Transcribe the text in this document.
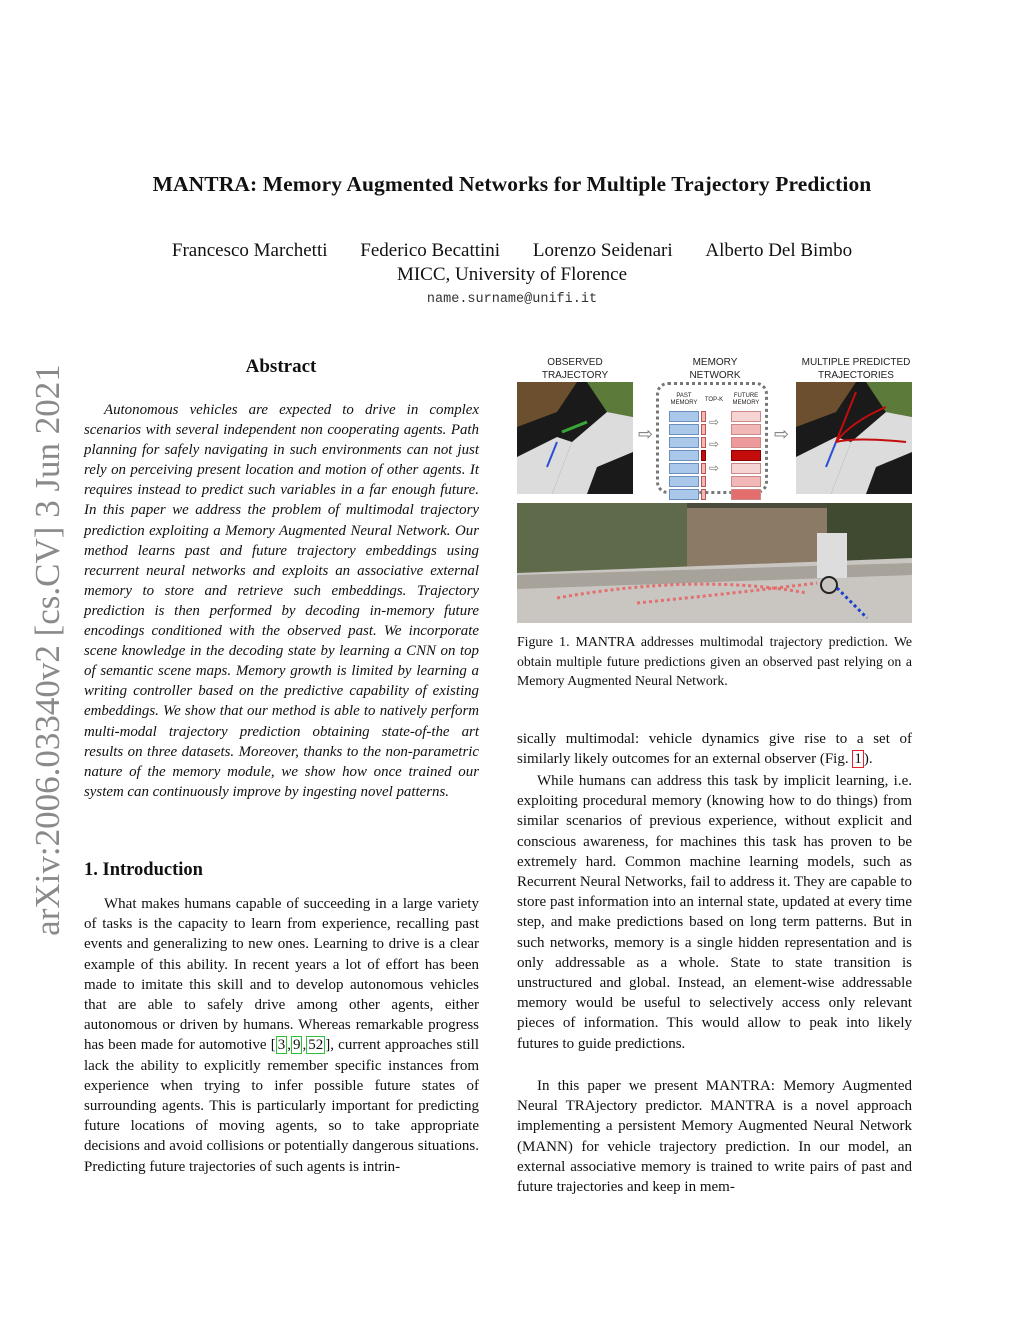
arXiv:2006.03340v2 [cs.CV] 3 Jun 2021
MANTRA: Memory Augmented Networks for Multiple Trajectory Prediction
Francesco Marchetti Federico Becattini Lorenzo Seidenari Alberto Del Bimbo
MICC, University of Florence
name.surname@unifi.it
Abstract
Autonomous vehicles are expected to drive in complex scenarios with several independent non cooperating agents. Path planning for safely navigating in such environments can not just rely on perceiving present location and motion of other agents. It requires instead to predict such variables in a far enough future. In this paper we address the problem of multimodal trajectory prediction exploiting a Memory Augmented Neural Network. Our method learns past and future trajectory embeddings using recurrent neural networks and exploits an associative external memory to store and retrieve such embeddings. Trajectory prediction is then performed by decoding in-memory future encodings conditioned with the observed past. We incorporate scene knowledge in the decoding state by learning a CNN on top of semantic scene maps. Memory growth is limited by learning a writing controller based on the predictive capability of existing embeddings. We show that our method is able to natively perform multi-modal trajectory prediction obtaining state-of-the art results on three datasets. Moreover, thanks to the non-parametric nature of the memory module, we show how once trained our system can continuously improve by ingesting novel patterns.
1. Introduction
What makes humans capable of succeeding in a large variety of tasks is the capacity to learn from experience, recalling past events and generalizing to new ones. Learning to drive is a clear example of this ability. In recent years a lot of effort has been made to imitate this skill and to develop autonomous vehicles that are able to safely drive among other agents, either autonomous or driven by humans. Whereas remarkable progress has been made for automotive [ 3 , 9 , 52 ], current approaches still lack the ability to explicitly remember specific instances from experience when trying to infer possible future states of surrounding agents. This is particularly important for predicting future locations of moving agents, so to take appropriate decisions and avoid collisions or potentially dangerous situations. Predicting future trajectories of such agents is intrin-
sically multimodal: vehicle dynamics give rise to a set of similarly likely outcomes for an external observer (Fig. 1 ).
While humans can address this task by implicit learning, i.e. exploiting procedural memory (knowing how to do things) from similar scenarios of previous experience, without explicit and conscious awareness, for machines this task has proven to be extremely hard. Common machine learning models, such as Recurrent Neural Networks, fail to address it. They are capable to store past information into an internal state, updated at every time step, and make predictions based on long term patterns. But in such networks, memory is a single hidden representation and is only addressable as a whole. State to state transition is unstructured and global. Instead, an element-wise addressable memory would be useful to selectively access only relevant pieces of information. This would allow to peak into likely futures to guide predictions.
In this paper we present MANTRA: Memory Augmented Neural TRAjectory predictor. MANTRA is a novel approach implementing a persistent Memory Augmented Neural Network (MANN) for vehicle trajectory prediction. In our model, an external associative memory is trained to write pairs of past and future trajectories and keep in mem-
OBSERVED TRAJECTORY
MEMORY NETWORK
MULTIPLE PREDICTED TRAJECTORIES
⇨
PAST MEMORY TOP-K
FUTURE MEMORY
⇨
⇨
⇨
⇨
Figure 1. MANTRA addresses multimodal trajectory prediction. We obtain multiple future predictions given an observed past relying on a Memory Augmented Neural Network.
